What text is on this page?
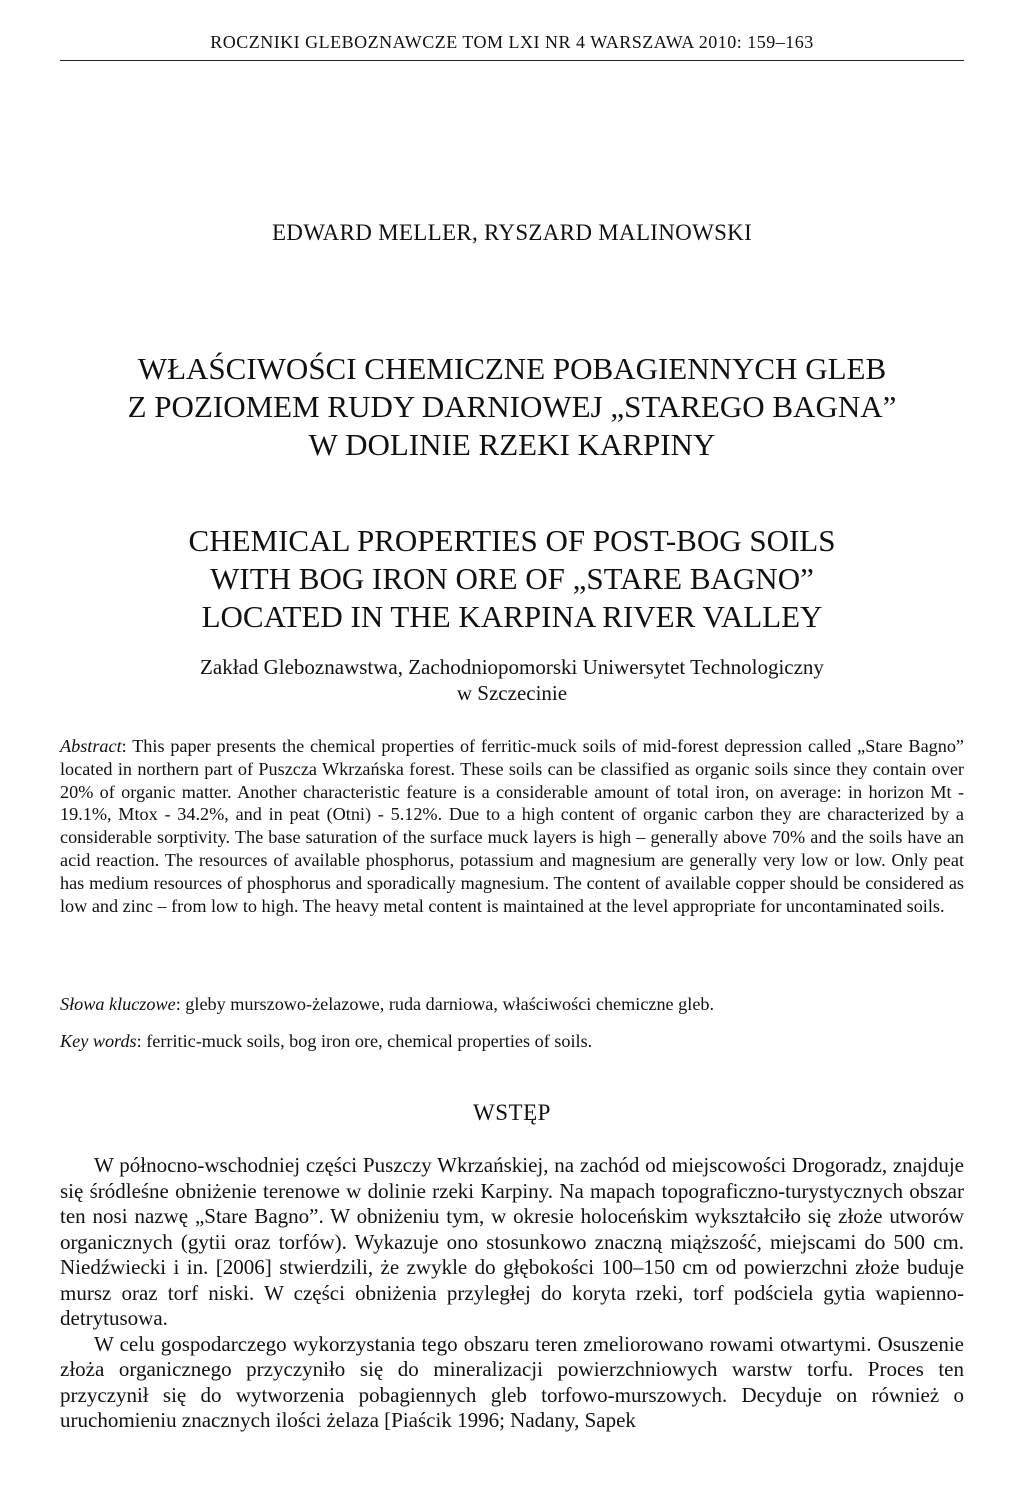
ROCZNIKI GLEBOZNAWCZE TOM LXI NR 4 WARSZAWA 2010: 159–163
EDWARD MELLER, RYSZARD MALINOWSKI
WŁAŚCIWOŚCI CHEMICZNE POBAGIENNYCH GLEB
Z POZIOMEM RUDY DARNIOWEJ „STAREGO BAGNA”
W DOLINIE RZEKI KARPINY
CHEMICAL PROPERTIES OF POST-BOG SOILS
WITH BOG IRON ORE OF „STARE BAGNO”
LOCATED IN THE KARPINA RIVER VALLEY
Zakład Gleboznawstwa, Zachodniopomorski Uniwersytet Technologiczny
w Szczecinie
Abstract: This paper presents the chemical properties of ferritic-muck soils of mid-forest depression called „Stare Bagno” located in northern part of Puszcza Wkrzańska forest. These soils can be classified as organic soils since they contain over 20% of organic matter. Another characteristic feature is a considerable amount of total iron, on average: in horizon Mt - 19.1%, Mtox - 34.2%, and in peat (Otni) - 5.12%. Due to a high content of organic carbon they are characterized by a considerable sorptivity. The base saturation of the surface muck layers is high – generally above 70% and the soils have an acid reaction. The resources of available phosphorus, potassium and magnesium are generally very low or low. Only peat has medium resources of phosphorus and sporadically magnesium. The content of available copper should be considered as low and zinc – from low to high. The heavy metal content is maintained at the level appropriate for uncontaminated soils.
Słowa kluczowe: gleby murszowo-żelazowe, ruda darniowa, właściwości chemiczne gleb.
Key words: ferritic-muck soils, bog iron ore, chemical properties of soils.
WSTĘP

W północno-wschodniej części Puszczy Wkrzańskiej, na zachód od miejscowości Drogoradz, znajduje się śródleśne obniżenie terenowe w dolinie rzeki Karpiny. Na mapach topograficzno-turystycznych obszar ten nosi nazwę „Stare Bagno”. W obniżeniu tym, w okresie holoceńskim wykształciło się złoże utworów organicznych (gytii oraz torfów). Wykazuje ono stosunkowo znaczną miąższość, miejscami do 500 cm. Niedźwiecki i in. [2006] stwierdzili, że zwykle do głębokości 100–150 cm od powierzchni złoże buduje mursz oraz torf niski. W części obniżenia przyległej do koryta rzeki, torf podściela gytia wapienno-detrytusowa.

W celu gospodarczego wykorzystania tego obszaru teren zmeliorowano rowami otwartymi. Osuszenie złoża organicznego przyczyniło się do mineralizacji powierzchniowych warstw torfu. Proces ten przyczynił się do wytworzenia pobagiennych gleb torfowo-murszowych. Decyduje on również o uruchomieniu znacznych ilości żelaza [Piaścik 1996; Nadany, Sapek
